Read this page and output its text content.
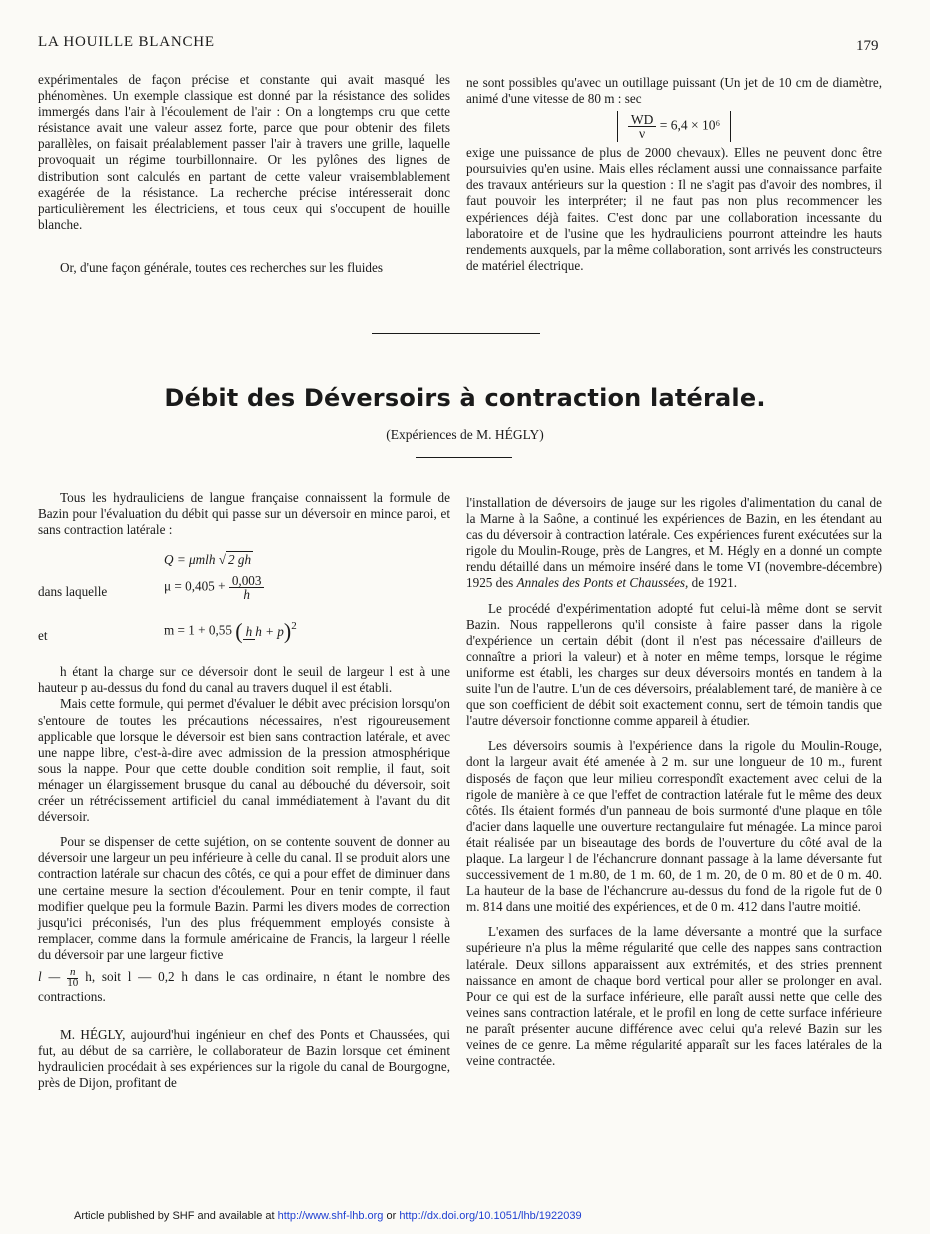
LA HOUILLE BLANCHE	179

expérimentales de façon précise et constante qui avait masqué les phénomènes. Un exemple classique est donné par la résistance des solides immergés dans l'air à l'écoulement de l'air : On a longtemps cru que cette résistance avait une valeur assez forte, parce que pour obtenir des filets parallèles, on faisait préalablement passer l'air à travers une grille, laquelle provoquait un régime tourbillonnaire. Or les pylônes des lignes de distribution sont calculés en partant de cette valeur vraisemblablement exagérée de la résistance. La recherche précise intéresserait donc particulièrement les électriciens, et tous ceux qui s'occupent de houille blanche.

Or, d'une façon générale, toutes ces recherches sur les fluides

ne sont possibles qu'avec un outillage puissant (Un jet de 10 cm de diamètre, animé d'une vitesse de 80 m : sec

$\frac{WD}{\nu} = 6,4 \times 10^6$

exige une puissance de plus de 2000 chevaux). Elles ne peuvent donc être poursuivies qu'en usine. Mais elles réclament aussi une connaissance parfaite des travaux antérieurs sur la question : Il ne s'agit pas d'avoir des nombres, il faut pouvoir les interpréter; il ne faut pas non plus recommencer les expériences déjà faites. C'est donc par une collaboration incessante du laboratoire et de l'usine que les hydrauliciens pourront atteindre les hauts rendements auxquels, par la même collaboration, sont arrivés les constructeurs de matériel électrique.

Débit des Déversoirs à contraction latérale.
(Expériences de M. HÉGLY)

Tous les hydrauliciens de langue française connaissent la formule de Bazin pour l'évaluation du débit qui passe sur un déversoir en mince paroi, et sans contraction latérale :

Q = μmlh √ 2 gh
dans laquelle	$\mu = 0,405 + \frac{0,003}{h}$
et	m = 1 + 0,55 ( h h + p)$^2$

h étant la charge sur ce déversoir dont le seuil de largeur l est à une hauteur p au-dessus du fond du canal au travers duquel il est établi.

Mais cette formule, qui permet d'évaluer le débit avec précision lorsqu'on s'entoure de toutes les précautions nécessaires, n'est rigoureusement applicable que lorsque le déversoir est bien sans contraction latérale, et avec une nappe libre, c'est-à-dire avec admission de la pression atmosphérique sous la nappe. Pour que cette double condition soit remplie, il faut, soit ménager un élargissement brusque du canal au débouché du déversoir, soit créer un rétrécissement artificiel du canal immédiatement à l'avant du dit déversoir.

Pour se dispenser de cette sujétion, on se contente souvent de donner au déversoir une largeur un peu inférieure à celle du canal. Il se produit alors une contraction latérale sur chacun des côtés, ce qui a pour effet de diminuer dans une certaine mesure la section d'écoulement. Pour en tenir compte, il faut modifier quelque peu la formule Bazin. Parmi les divers modes de correction jusqu'ici préconisés, l'un des plus fréquemment employés consiste à remplacer, comme dans la formule américaine de Francis, la largeur l réelle du déversoir par une largeur fictive

l — $\frac{n}{10} h$, soit l — 0,2 h dans le cas ordinaire, n étant le nombre des contractions.

M. HÉGLY, aujourd'hui ingénieur en chef des Ponts et Chaussées, qui fut, au début de sa carrière, le collaborateur de Bazin lorsque cet éminent hydraulicien procédait à ses expériences sur la rigole du canal de Bourgogne, près de Dijon, profitant de

l'installation de déversoirs de jauge sur les rigoles d'alimentation du canal de la Marne à la Saône, a continué les expériences de Bazin, en les étendant au cas du déversoir à contraction latérale. Ces expériences furent exécutées sur la rigole du Moulin-Rouge, près de Langres, et M. Hégly en a donné un compte rendu détaillé dans un mémoire inséré dans le tome VI (novembre-décembre) 1925 des Annales des Ponts et Chaussées, de 1921.

Le procédé d'expérimentation adopté fut celui-là même dont se servit Bazin. Nous rappellerons qu'il consiste à faire passer dans la rigole d'expérience un certain débit (dont il n'est pas nécessaire d'ailleurs de connaître a priori la valeur) et à noter en même temps, lorsque le régime uniforme est établi, les charges sur deux déversoirs montés en tandem à la suite l'un de l'autre. L'un de ces déversoirs, préalablement taré, de manière à ce que son coefficient de débit soit exactement connu, sert de témoin tandis que l'autre déversoir fonctionne comme appareil à étudier.

Les déversoirs soumis à l'expérience dans la rigole du Moulin-Rouge, dont la largeur avait été amenée à 2 m. sur une longueur de 10 m., furent disposés de façon que leur milieu correspondît exactement avec celui de la rigole de manière à ce que l'effet de contraction latérale fut le même des deux côtés. Ils étaient formés d'un panneau de bois surmonté d'une plaque en tôle d'acier dans laquelle une ouverture rectangulaire fut ménagée. La mince paroi était réalisée par un biseautage des bords de l'ouverture du côté aval de la plaque. La largeur l de l'échancrure donnant passage à la lame déversante fut successivement de 1 m.80, de 1 m. 60, de 1 m. 20, de 0 m. 80 et de 0 m. 40. La hauteur de la base de l'échancrure au-dessus du fond de la rigole fut de 0 m. 814 dans une moitié des expériences, et de 0 m. 412 dans l'autre moitié.

L'examen des surfaces de la lame déversante a montré que la surface supérieure n'a plus la même régularité que celle des nappes sans contraction latérale. Deux sillons apparaissent aux extrémités, et des stries prennent naissance en amont de chaque bord vertical pour aller se prolonger en aval. Pour ce qui est de la surface inférieure, elle paraît aussi nette que celle des veines sans contraction latérale, et le profil en long de cette surface inférieure ne paraît présenter aucune différence avec celui qu'a relevé Bazin sur les veines de ce genre. La même régularité apparaît sur les faces latérales de la veine contractée.

Article published by SHF and available at http://www.shf-lhb.org or http://dx.doi.org/10.1051/lhb/1922039
